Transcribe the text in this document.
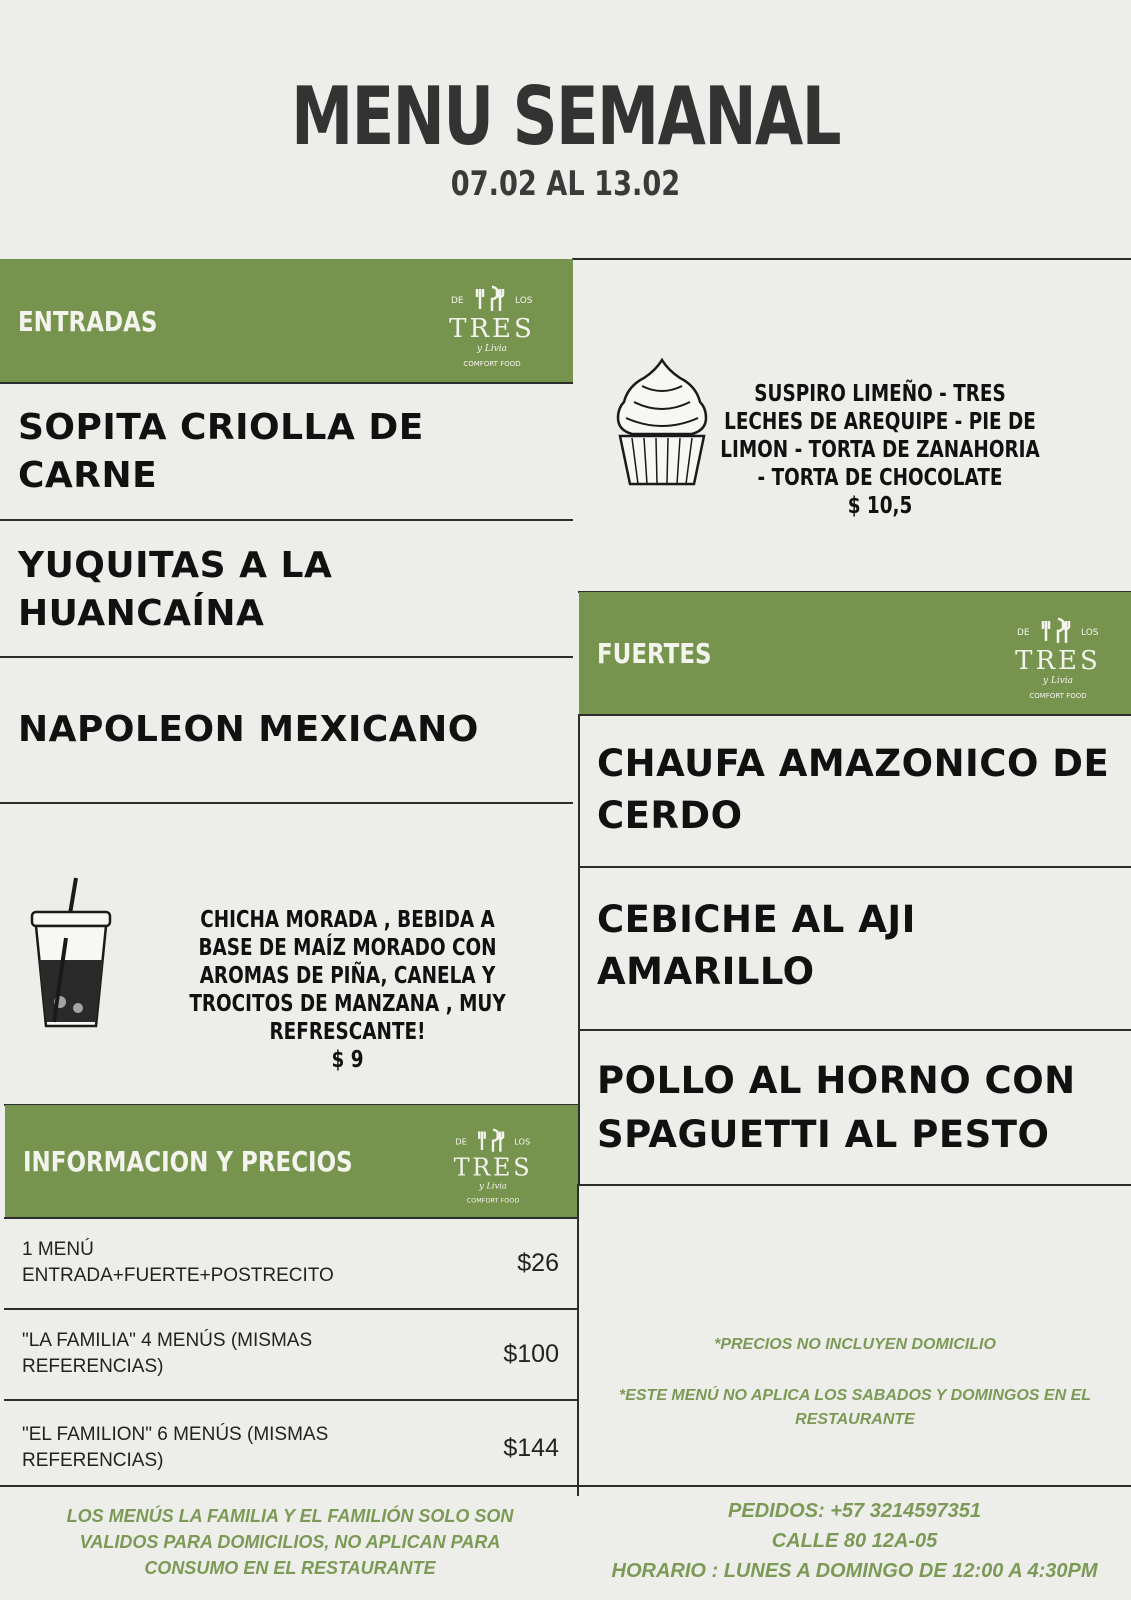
MENU SEMANAL
07.02 AL 13.02
ENTRADAS
DE	LOS
TRES
y Livia
COMFORT FOOD
SOPITA CRIOLLA DE CARNE
YUQUITAS A LA HUANCAÍNA
NAPOLEON MEXICANO
SUSPIRO LIMEÑO - TRES LECHES DE AREQUIPE - PIE DE LIMON - TORTA DE ZANAHORIA - TORTA DE CHOCOLATE
$ 10,5
CHICHA MORADA , BEBIDA A BASE DE MAÍZ MORADO CON AROMAS DE PIÑA, CANELA Y TROCITOS DE MANZANA , MUY REFRESCANTE!
$ 9
FUERTES
DE	LOS
TRES
y Livia
COMFORT FOOD
CHAUFA AMAZONICO DE CERDO
CEBICHE AL AJI AMARILLO
POLLO AL HORNO CON SPAGUETTI AL PESTO
INFORMACION Y PRECIOS
DE	LOS
TRES
y Livia
COMFORT FOOD
1 MENÚ ENTRADA+FUERTE+POSTRECITO	$26
"LA FAMILIA" 4 MENÚS (MISMAS REFERENCIAS)	$100
"EL FAMILION" 6 MENÚS (MISMAS REFERENCIAS)	$144
*PRECIOS NO INCLUYEN DOMICILIO
*ESTE MENÚ NO APLICA LOS SABADOS Y DOMINGOS EN EL RESTAURANTE
LOS MENÚS LA FAMILIA Y EL FAMILIÓN SOLO SON VALIDOS PARA DOMICILIOS, NO APLICAN PARA CONSUMO EN EL RESTAURANTE
PEDIDOS: +57 3214597351
CALLE 80 12A-05
HORARIO : LUNES A DOMINGO DE 12:00 A 4:30PM
